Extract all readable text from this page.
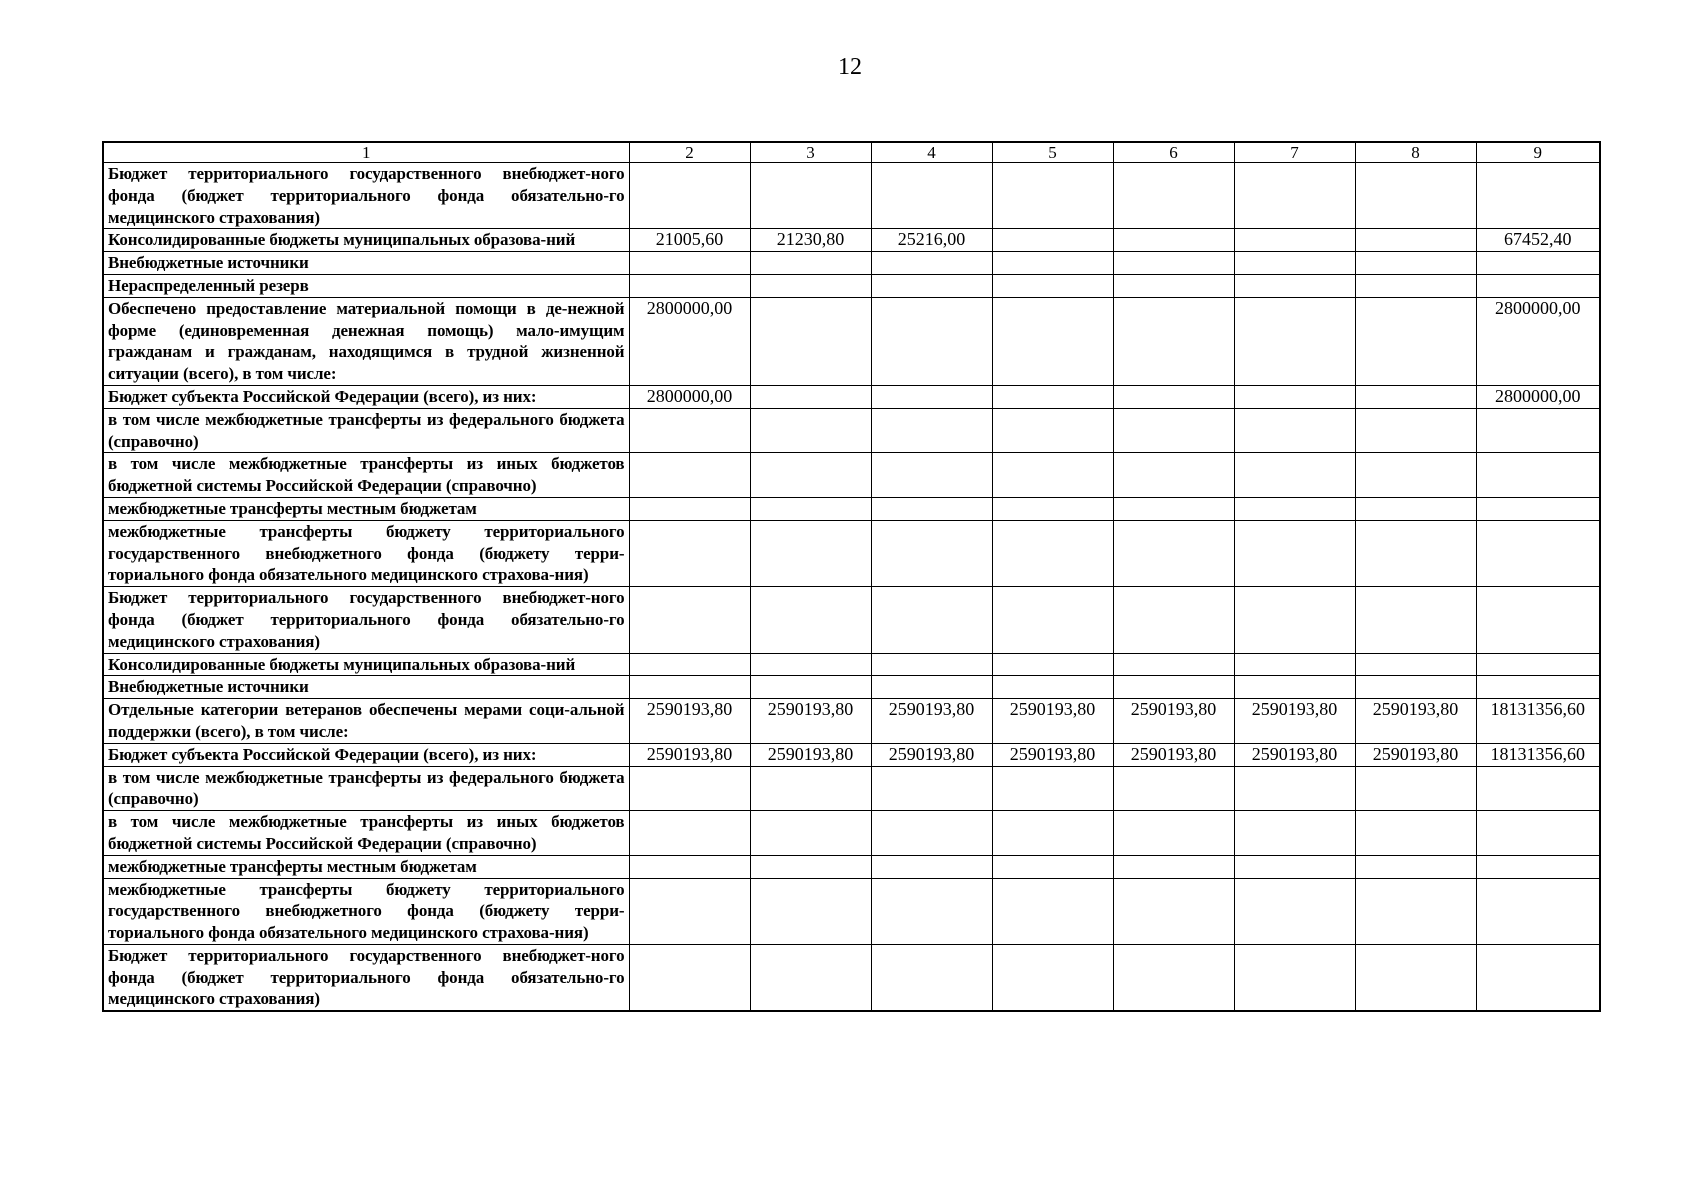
12
1	2	3	4	5	6	7	8	9
Бюджет территориального государственного внебюджет-ного фонда (бюджет территориального фонда обязательно-го медицинского страхования)								
Консолидированные бюджеты муниципальных образова-ний	21005,60	21230,80	25216,00					67452,40
Внебюджетные источники								
Нераспределенный резерв								
Обеспечено предоставление материальной помощи в де-нежной форме (единовременная денежная помощь) мало-имущим гражданам и гражданам, находящимся в трудной жизненной ситуации (всего), в том числе:	2800000,00							2800000,00
Бюджет субъекта Российской Федерации (всего), из них:	2800000,00							2800000,00
в том числе межбюджетные трансферты из федерального бюджета (справочно)								
в том числе межбюджетные трансферты из иных бюджетов бюджетной системы Российской Федерации (справочно)								
межбюджетные трансферты местным бюджетам								
межбюджетные трансферты бюджету территориального государственного внебюджетного фонда (бюджету терри-ториального фонда обязательного медицинского страхова-ния)								
Бюджет территориального государственного внебюджет-ного фонда (бюджет территориального фонда обязательно-го медицинского страхования)								
Консолидированные бюджеты муниципальных образова-ний								
Внебюджетные источники								
Отдельные категории ветеранов обеспечены мерами соци-альной поддержки (всего), в том числе:	2590193,80	2590193,80	2590193,80	2590193,80	2590193,80	2590193,80	2590193,80	18131356,60
Бюджет субъекта Российской Федерации (всего), из них:	2590193,80	2590193,80	2590193,80	2590193,80	2590193,80	2590193,80	2590193,80	18131356,60
в том числе межбюджетные трансферты из федерального бюджета (справочно)								
в том числе межбюджетные трансферты из иных бюджетов бюджетной системы Российской Федерации (справочно)								
межбюджетные трансферты местным бюджетам								
межбюджетные трансферты бюджету территориального государственного внебюджетного фонда (бюджету терри-ториального фонда обязательного медицинского страхова-ния)								
Бюджет территориального государственного внебюджет-ного фонда (бюджет территориального фонда обязательно-го медицинского страхования)								
